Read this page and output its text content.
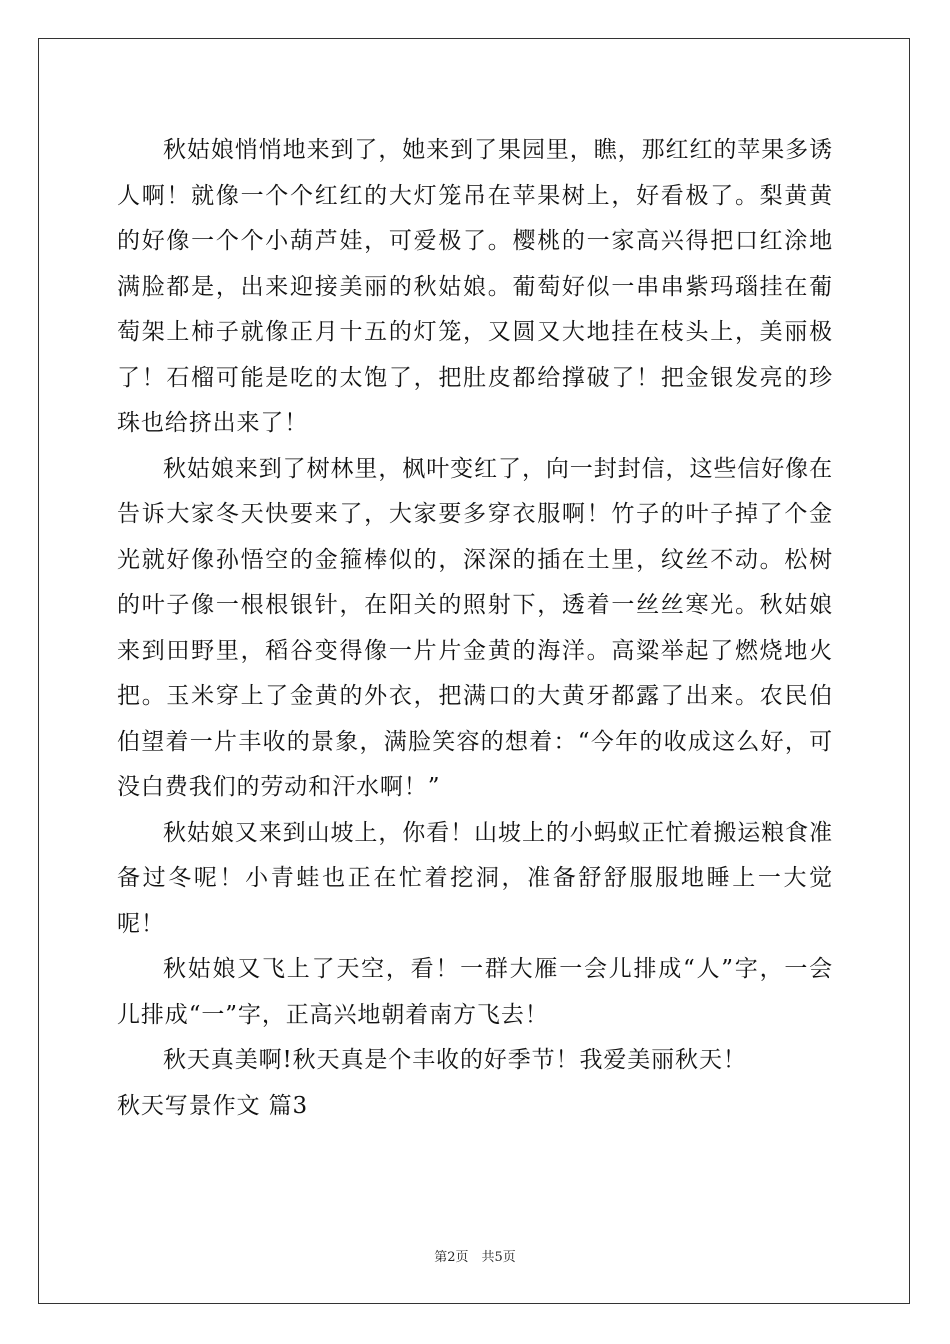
秋姑娘悄悄地来到了，她来到了果园里，瞧，那红红的苹果多诱人啊！就像一个个红红的大灯笼吊在苹果树上，好看极了。梨黄黄的好像一个个小葫芦娃，可爱极了。樱桃的一家高兴得把口红涂地满脸都是，出来迎接美丽的秋姑娘。葡萄好似一串串紫玛瑙挂在葡萄架上柿子就像正月十五的灯笼，又圆又大地挂在枝头上，美丽极了！石榴可能是吃的太饱了，把肚皮都给撑破了！把金银发亮的珍珠也给挤出来了！

秋姑娘来到了树林里，枫叶变红了，向一封封信，这些信好像在告诉大家冬天快要来了，大家要多穿衣服啊！竹子的叶子掉了个金光就好像孙悟空的金箍棒似的，深深的插在土里，纹丝不动。松树的叶子像一根根银针，在阳关的照射下，透着一丝丝寒光。秋姑娘来到田野里，稻谷变得像一片片金黄的海洋。高粱举起了燃烧地火把。玉米穿上了金黄的外衣，把满口的大黄牙都露了出来。农民伯伯望着一片丰收的景象，满脸笑容的想着：“今年的收成这么好，可没白费我们的劳动和汗水啊！”

秋姑娘又来到山坡上，你看！山坡上的小蚂蚁正忙着搬运粮食准备过冬呢！小青蛙也正在忙着挖洞，准备舒舒服服地睡上一大觉呢！

秋姑娘又飞上了天空，看！一群大雁一会儿排成“人”字，一会儿排成“一”字，正高兴地朝着南方飞去！

秋天真美啊!秋天真是个丰收的好季节！我爱美丽秋天！

秋天写景作文 篇3

第2页　共5页
